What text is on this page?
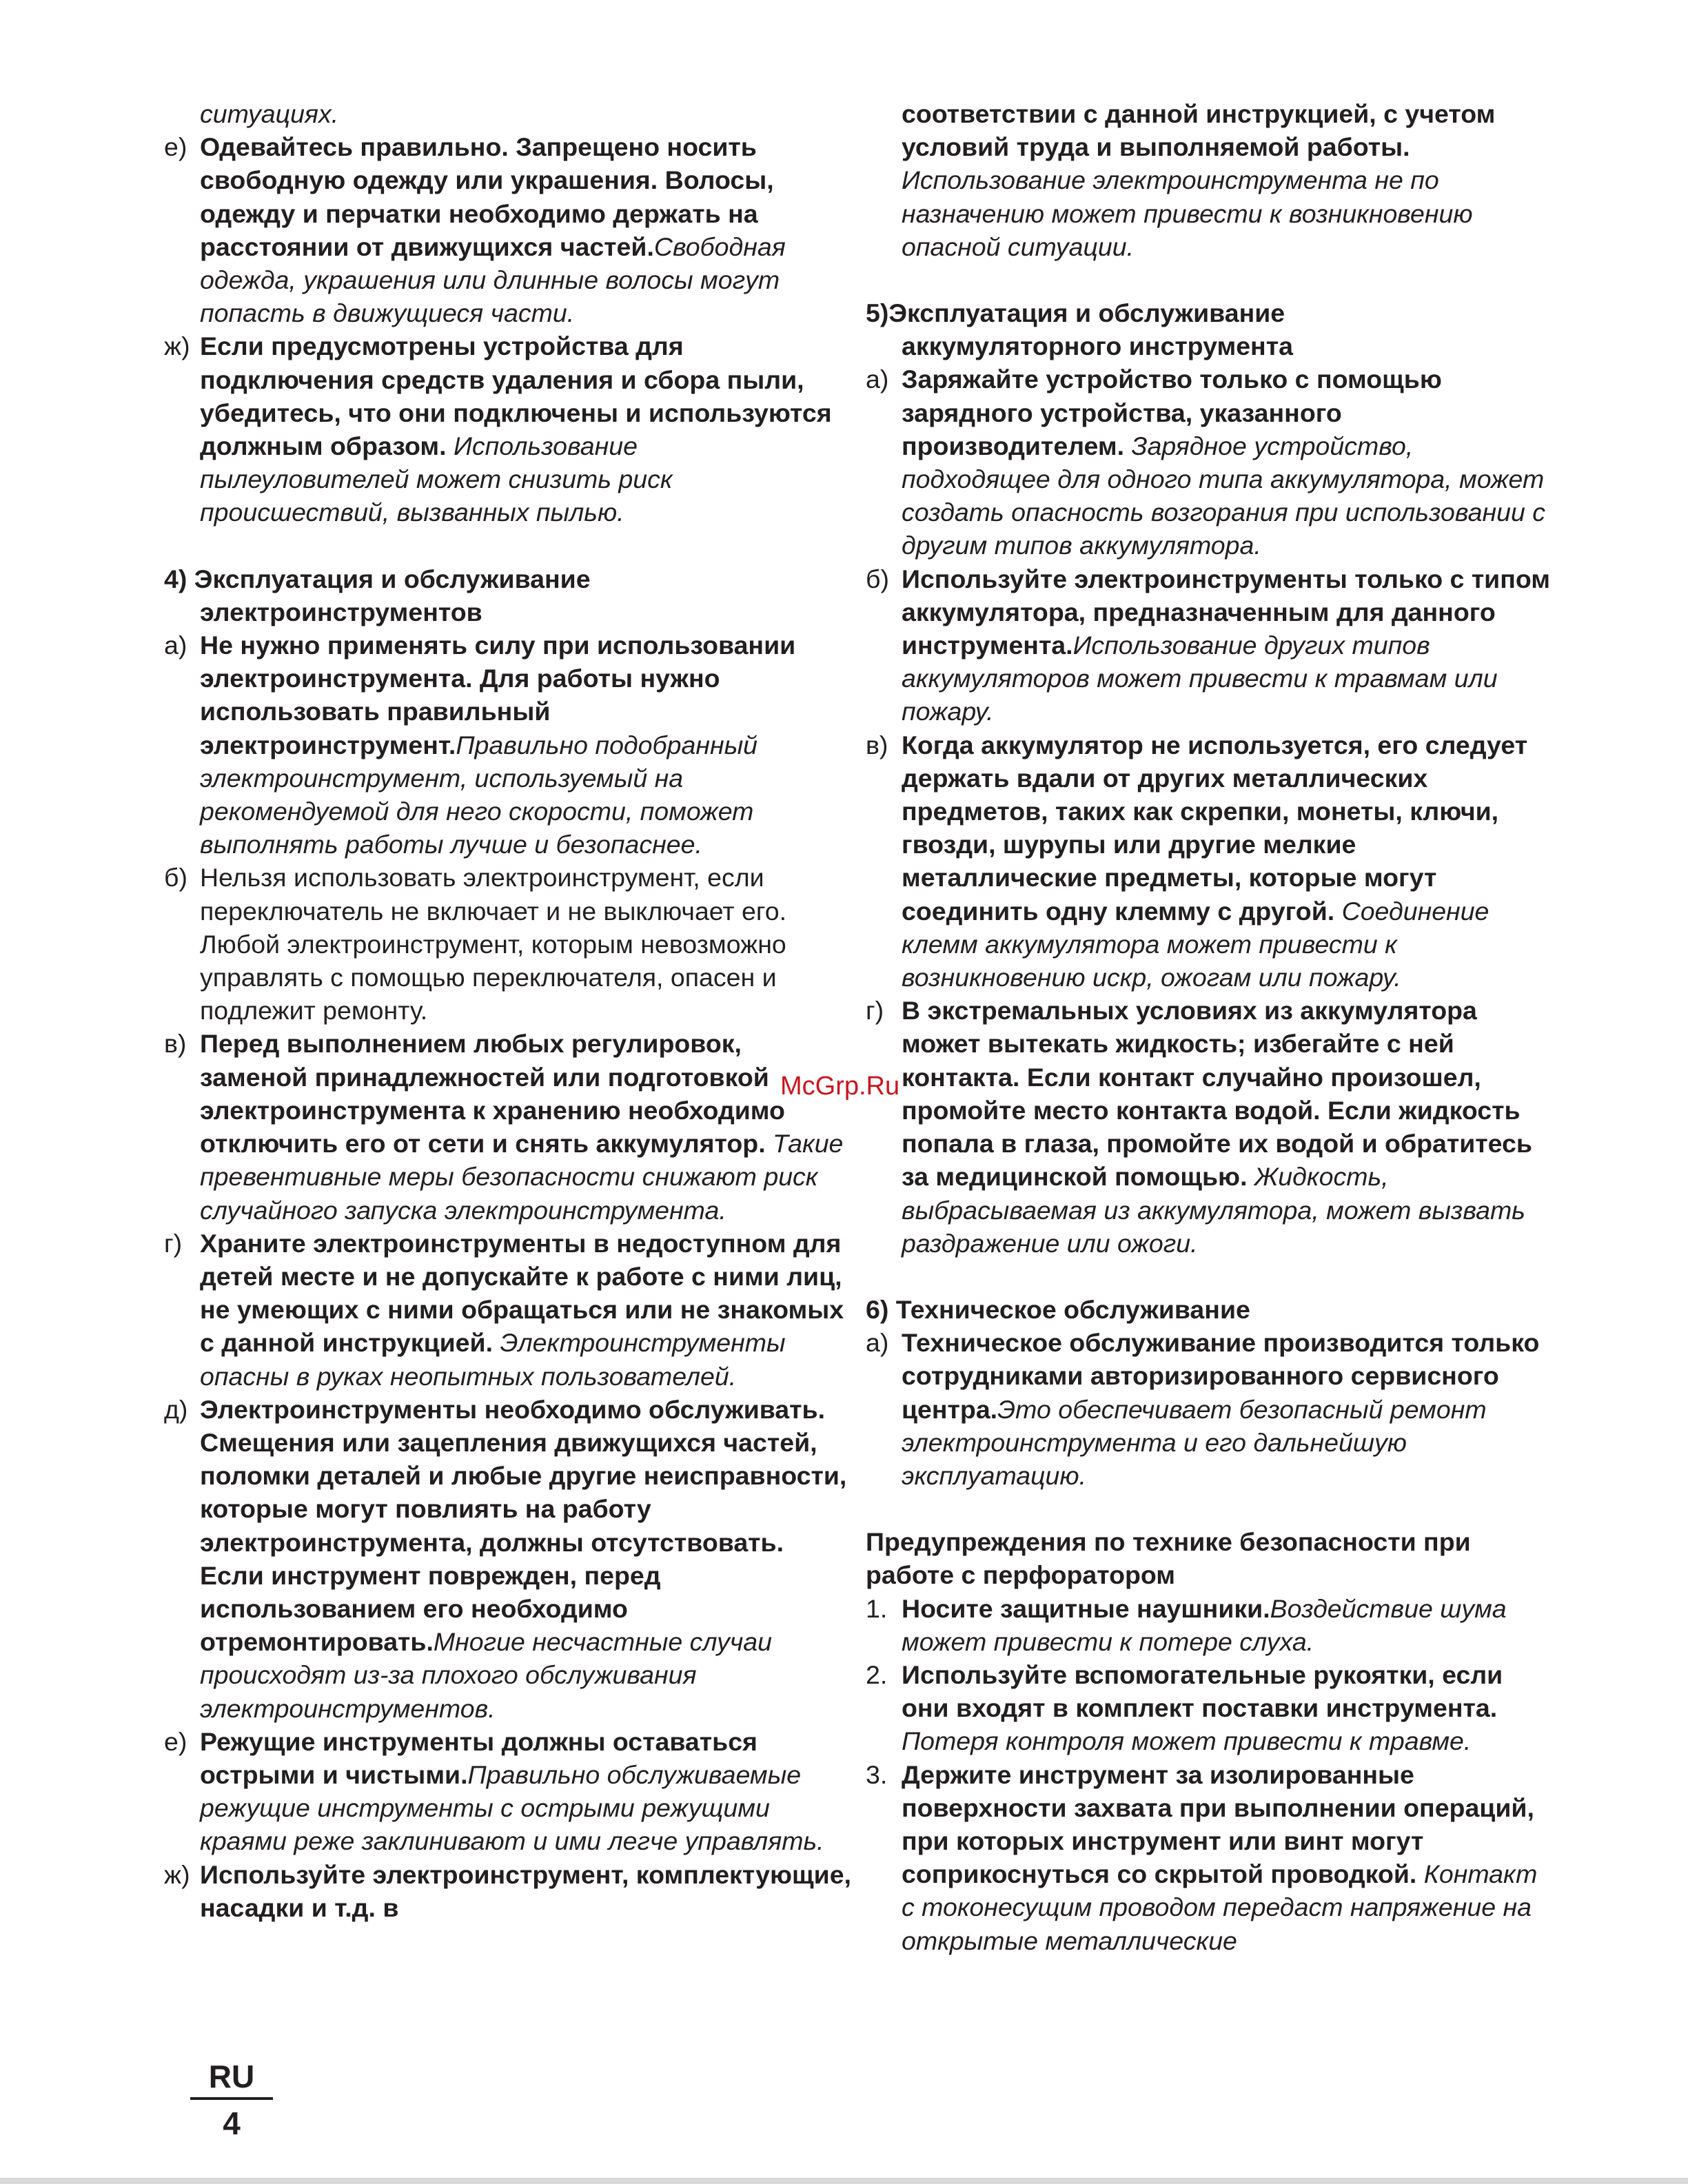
ситуациях.
е) Одевайтесь правильно. Запрещено носить свободную одежду или украшения. Волосы, одежду и перчатки необходимо держать на расстоянии от движущихся частей.Свободная одежда, украшения или длинные волосы могут попасть в движущиеся части.
ж) Если предусмотрены устройства для подключения средств удаления и сбора пыли, убедитесь, что они подключены и используются должным образом. Использование пылеуловителей может снизить риск происшествий, вызванных пылью.
4) Эксплуатация и обслуживание
электроинструментов
а) Не нужно применять силу при использовании электроинструмента. Для работы нужно использовать правильный электроинструмент.Правильно подобранный электроинструмент, используемый на рекомендуемой для него скорости, поможет выполнять работы лучше и безопаснее.
б) Нельзя использовать электроинструмент, если переключатель не включает и не выключает его. Любой электроинструмент, которым невозможно управлять с помощью переключателя, опасен и подлежит ремонту.
в) Перед выполнением любых регулировок, заменой принадлежностей или подготовкой электроинструмента к хранению необходимо отключить его от сети и снять аккумулятор. Такие превентивные меры безопасности снижают риск случайного запуска электроинструмента.
г) Храните электроинструменты в недоступном для детей месте и не допускайте к работе с ними лиц, не умеющих с ними обращаться или не знакомых с данной инструкцией. Электроинструменты опасны в руках неопытных пользователей.
д) Электроинструменты необходимо обслуживать. Смещения или зацепления движущихся частей, поломки деталей и любые другие неисправности, которые могут повлиять на работу электроинструмента, должны отсутствовать. Если инструмент поврежден, перед использованием его необходимо отремонтировать.Многие несчастные случаи происходят из-за плохого обслуживания электроинструментов.
е) Режущие инструменты должны оставаться острыми и чистыми.Правильно обслуживаемые режущие инструменты с острыми режущими краями реже заклинивают и ими легче управлять.
ж) Используйте электроинструмент, комплектующие, насадки и т.д. в
соответствии с данной инструкцией, с учетом условий труда и выполняемой работы. Использование электроинструмента не по назначению может привести к возникновению опасной ситуации.
5)Эксплуатация и обслуживание
аккумуляторного инструмента
а) Заряжайте устройство только с помощью зарядного устройства, указанного производителем. Зарядное устройство, подходящее для одного типа аккумулятора, может создать опасность возгорания при использовании с другим типов аккумулятора.
б) Используйте электроинструменты только с типом аккумулятора, предназначенным для данного инструмента.Использование других типов аккумуляторов может привести к травмам или пожару.
в) Когда аккумулятор не используется, его следует держать вдали от других металлических предметов, таких как скрепки, монеты, ключи, гвозди, шурупы или другие мелкие металлические предметы, которые могут соединить одну клемму с другой. Соединение клемм аккумулятора может привести к возникновению искр, ожогам или пожару.
г) В экстремальных условиях из аккумулятора может вытекать жидкость; избегайте с ней контакта. Если контакт случайно произошел, промойте место контакта водой. Если жидкость попала в глаза, промойте их водой и обратитесь за медицинской помощью. Жидкость, выбрасываемая из аккумулятора, может вызвать раздражение или ожоги.
6) Техническое обслуживание
а) Техническое обслуживание производится только сотрудниками авторизированного сервисного центра.Это обеспечивает безопасный ремонт электроинструмента и его дальнейшую эксплуатацию.
Предупреждения по технике безопасности при работе с перфоратором
1. Носите защитные наушники.Воздействие шума может привести к потере слуха.
2. Используйте вспомогательные рукоятки, если они входят в комплект поставки инструмента. Потеря контроля может привести к травме.
3. Держите инструмент за изолированные поверхности захвата при выполнении операций, при которых инструмент или винт могут соприкоснуться со скрытой проводкой. Контакт с токонесущим проводом передаст напряжение на открытые металлические
McGrp.Ru
RU
4
